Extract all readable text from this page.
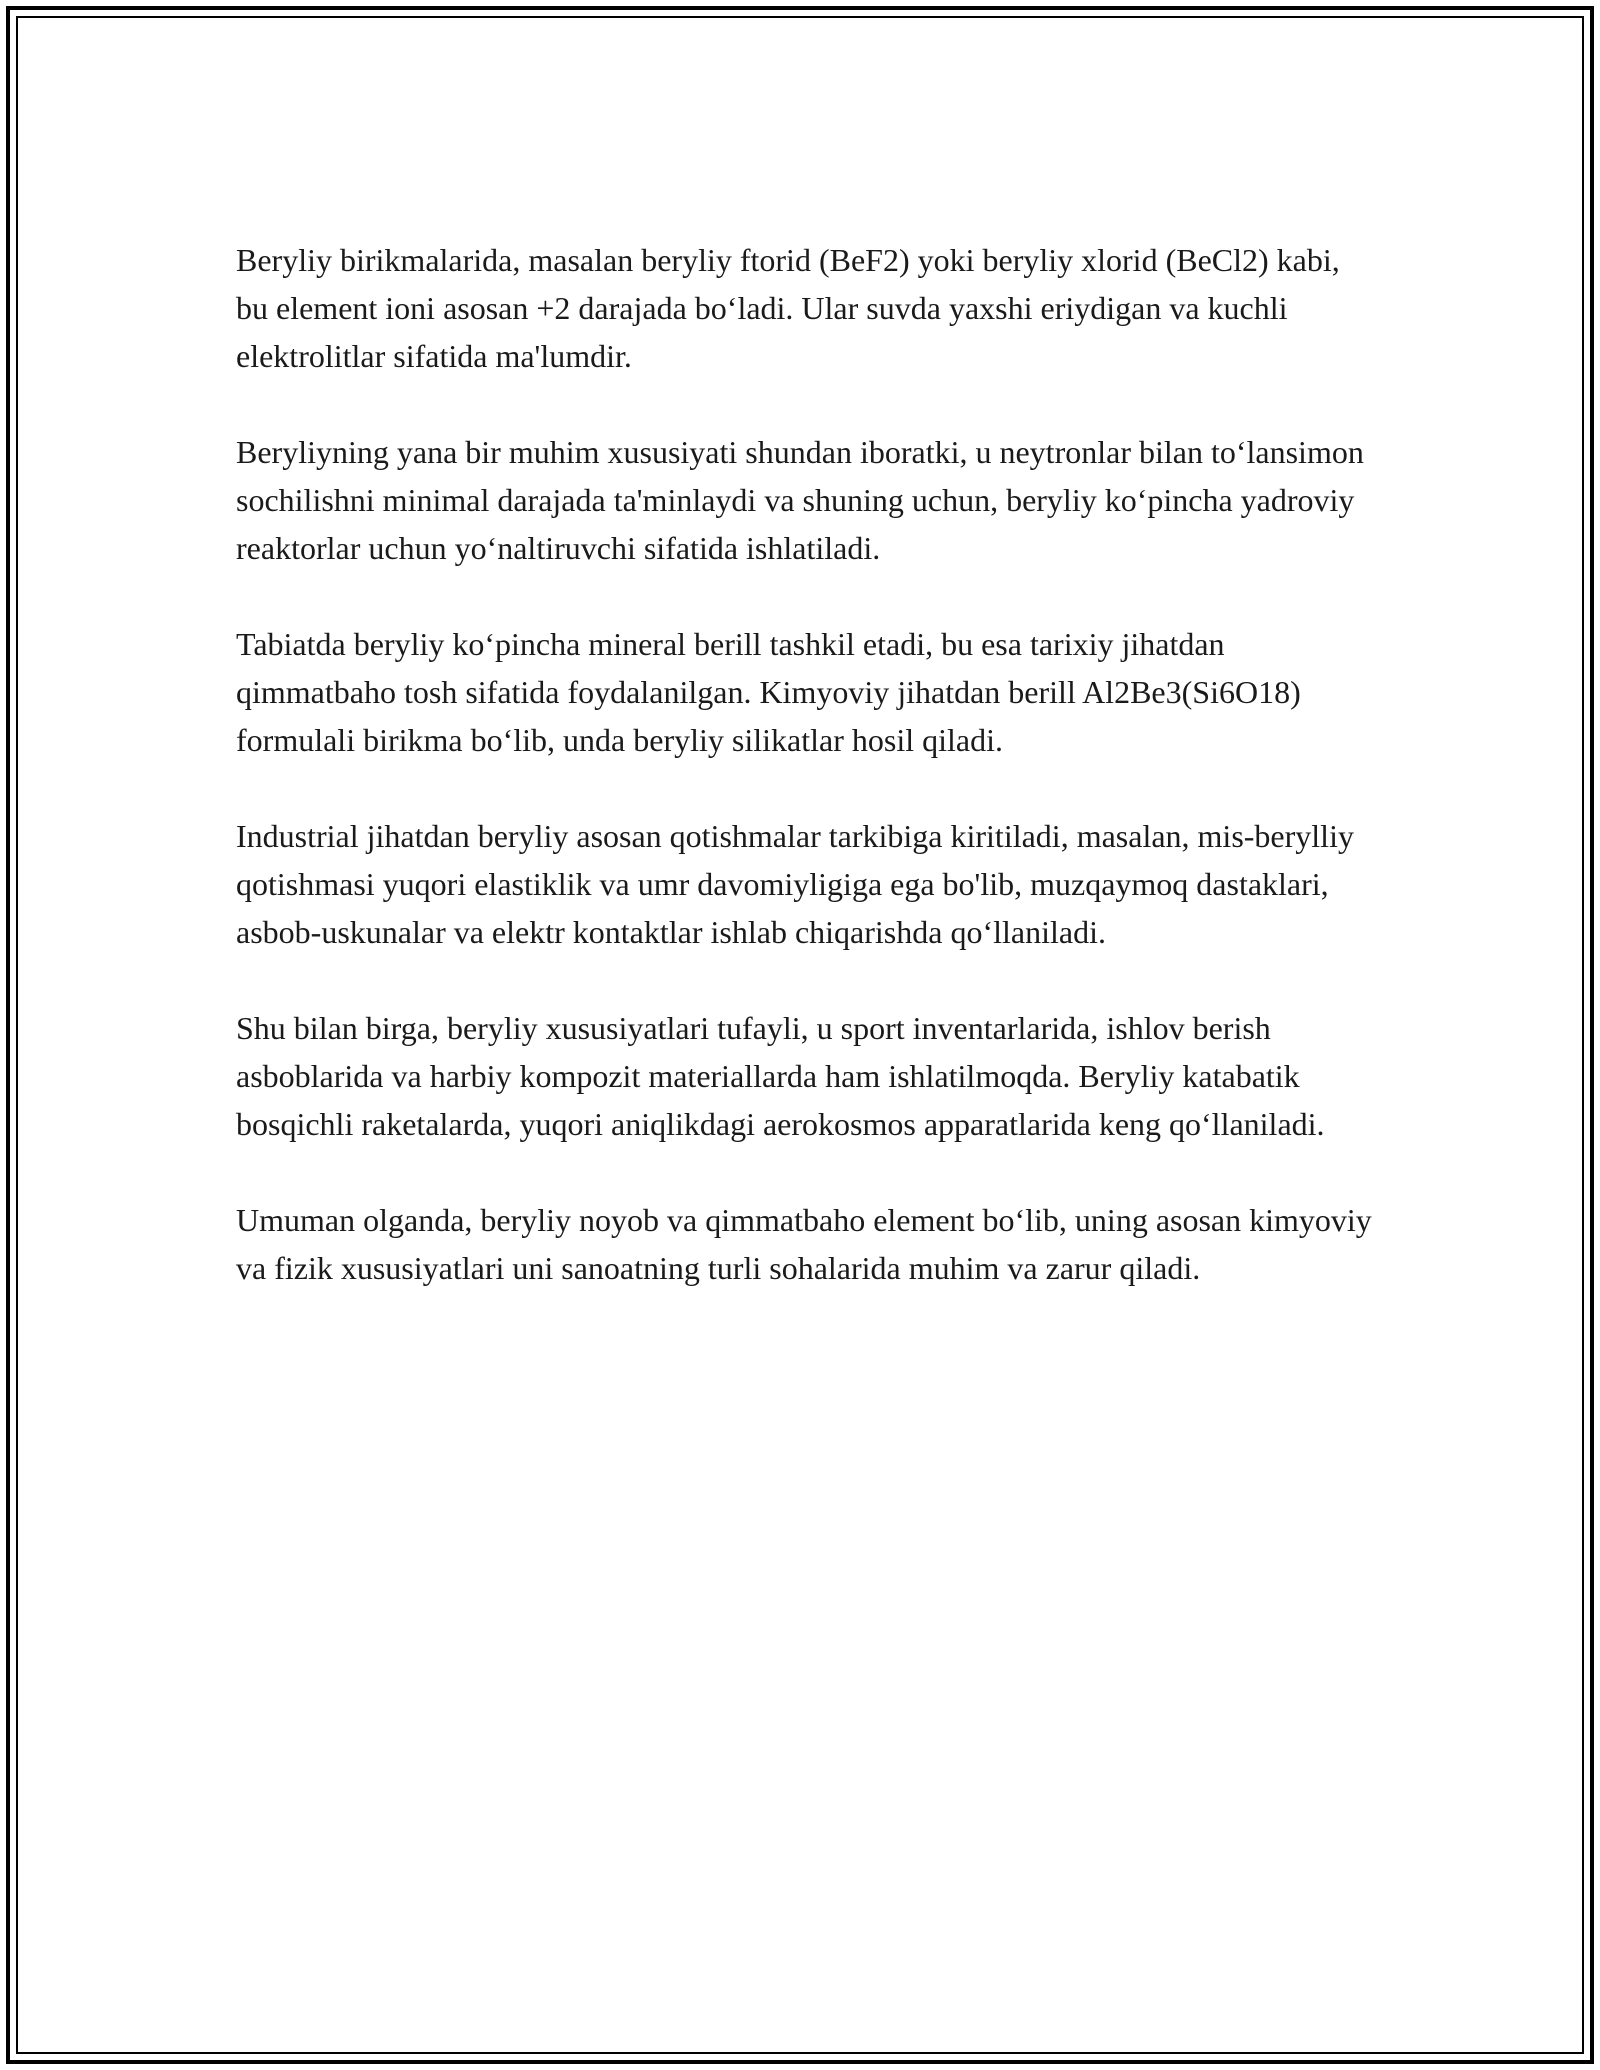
Beryliy birikmalarida, masalan beryliy ftorid (BeF2) yoki beryliy xlorid (BeCl2) kabi, bu element ioni asosan +2 darajada bo‘ladi. Ular suvda yaxshi eriydigan va kuchli elektrolitlar sifatida ma'lumdir.

Beryliyning yana bir muhim xususiyati shundan iboratki, u neytronlar bilan to‘lansimon sochilishni minimal darajada ta'minlaydi va shuning uchun, beryliy ko‘pincha yadroviy reaktorlar uchun yo‘naltiruvchi sifatida ishlatiladi.

Tabiatda beryliy ko‘pincha mineral berill tashkil etadi, bu esa tarixiy jihatdan qimmatbaho tosh sifatida foydalanilgan. Kimyoviy jihatdan berill Al2Be3(Si6O18) formulali birikma bo‘lib, unda beryliy silikatlar hosil qiladi.

Industrial jihatdan beryliy asosan qotishmalar tarkibiga kiritiladi, masalan, mis-berylliy qotishmasi yuqori elastiklik va umr davomiyligiga ega bo'lib, muzqaymoq dastaklari, asbob-uskunalar va elektr kontaktlar ishlab chiqarishda qo‘llaniladi.

Shu bilan birga, beryliy xususiyatlari tufayli, u sport inventarlarida, ishlov berish asboblarida va harbiy kompozit materiallarda ham ishlatilmoqda. Beryliy katabatik bosqichli raketalarda, yuqori aniqlikdagi aerokosmos apparatlarida keng qo‘llaniladi.

Umuman olganda, beryliy noyob va qimmatbaho element bo‘lib, uning asosan kimyoviy va fizik xususiyatlari uni sanoatning turli sohalarida muhim va zarur qiladi.
